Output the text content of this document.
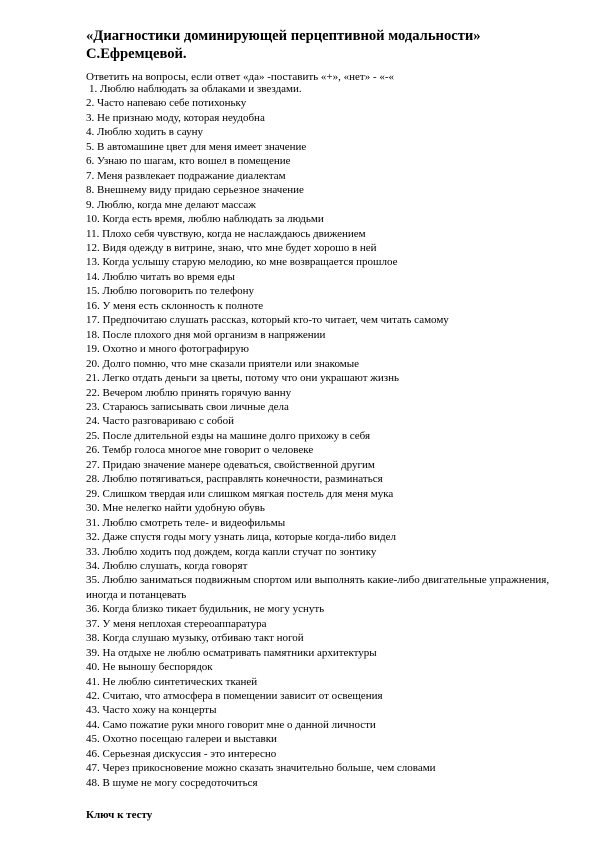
«Диагностики доминирующей перцептивной модальности»
С.Ефремцевой.

Ответить на вопросы, если ответ «да» -поставить «+», «нет» - «-«

1. Люблю наблюдать за облаками и звездами.
2. Часто напеваю себе потихоньку
3. Не признаю моду, которая неудобна
4. Люблю ходить в сауну
5. В автомашине цвет для меня имеет значение
6. Узнаю по шагам, кто вошел в помещение
7. Меня развлекает подражание диалектам
8. Внешнему виду придаю серьезное значение
9. Люблю, когда мне делают массаж
10. Когда есть время, люблю наблюдать за людьми
11. Плохо себя чувствую, когда не наслаждаюсь движением
12. Видя одежду в витрине, знаю, что мне будет хорошо в ней
13. Когда услышу старую мелодию, ко мне возвращается прошлое
14. Люблю читать во время еды
15. Люблю поговорить по телефону
16. У меня есть склонность к полноте
17. Предпочитаю слушать рассказ, который кто-то читает, чем читать самому
18. После плохого дня мой организм в напряжении
19. Охотно и много фотографирую
20. Долго помню, что мне сказали приятели или знакомые
21. Легко отдать деньги за цветы, потому что они украшают жизнь
22. Вечером люблю принять горячую ванну
23. Стараюсь записывать свои личные дела
24. Часто разговариваю с собой
25. После длительной езды на машине долго прихожу в себя
26. Тембр голоса многое мне говорит о человеке
27. Придаю значение манере одеваться, свойственной другим
28. Люблю потягиваться, расправлять конечности, разминаться
29. Слишком твердая или слишком мягкая постель для меня мука
30. Мне нелегко найти удобную обувь
31. Люблю смотреть теле- и видеофильмы
32. Даже спустя годы могу узнать лица, которые когда-либо видел
33. Люблю ходить под дождем, когда капли стучат по зонтику
34. Люблю слушать, когда говорят
35. Люблю заниматься подвижным спортом или выполнять какие-либо двигательные упражнения, иногда и потанцевать
36. Когда близко тикает будильник, не могу уснуть
37. У меня неплохая стереоаппаратура
38. Когда слушаю музыку, отбиваю такт ногой
39. На отдыхе не люблю осматривать памятники архитектуры
40. Не выношу беспорядок
41. Не люблю синтетических тканей
42. Считаю, что атмосфера в помещении зависит от освещения
43. Часто хожу на концерты
44. Само пожатие руки много говорит мне о данной личности
45. Охотно посещаю галереи и выставки
46. Серьезная дискуссия - это интересно
47. Через прикосновение можно сказать значительно больше, чем словами
48. В шуме не могу сосредоточиться

Ключ к тесту
